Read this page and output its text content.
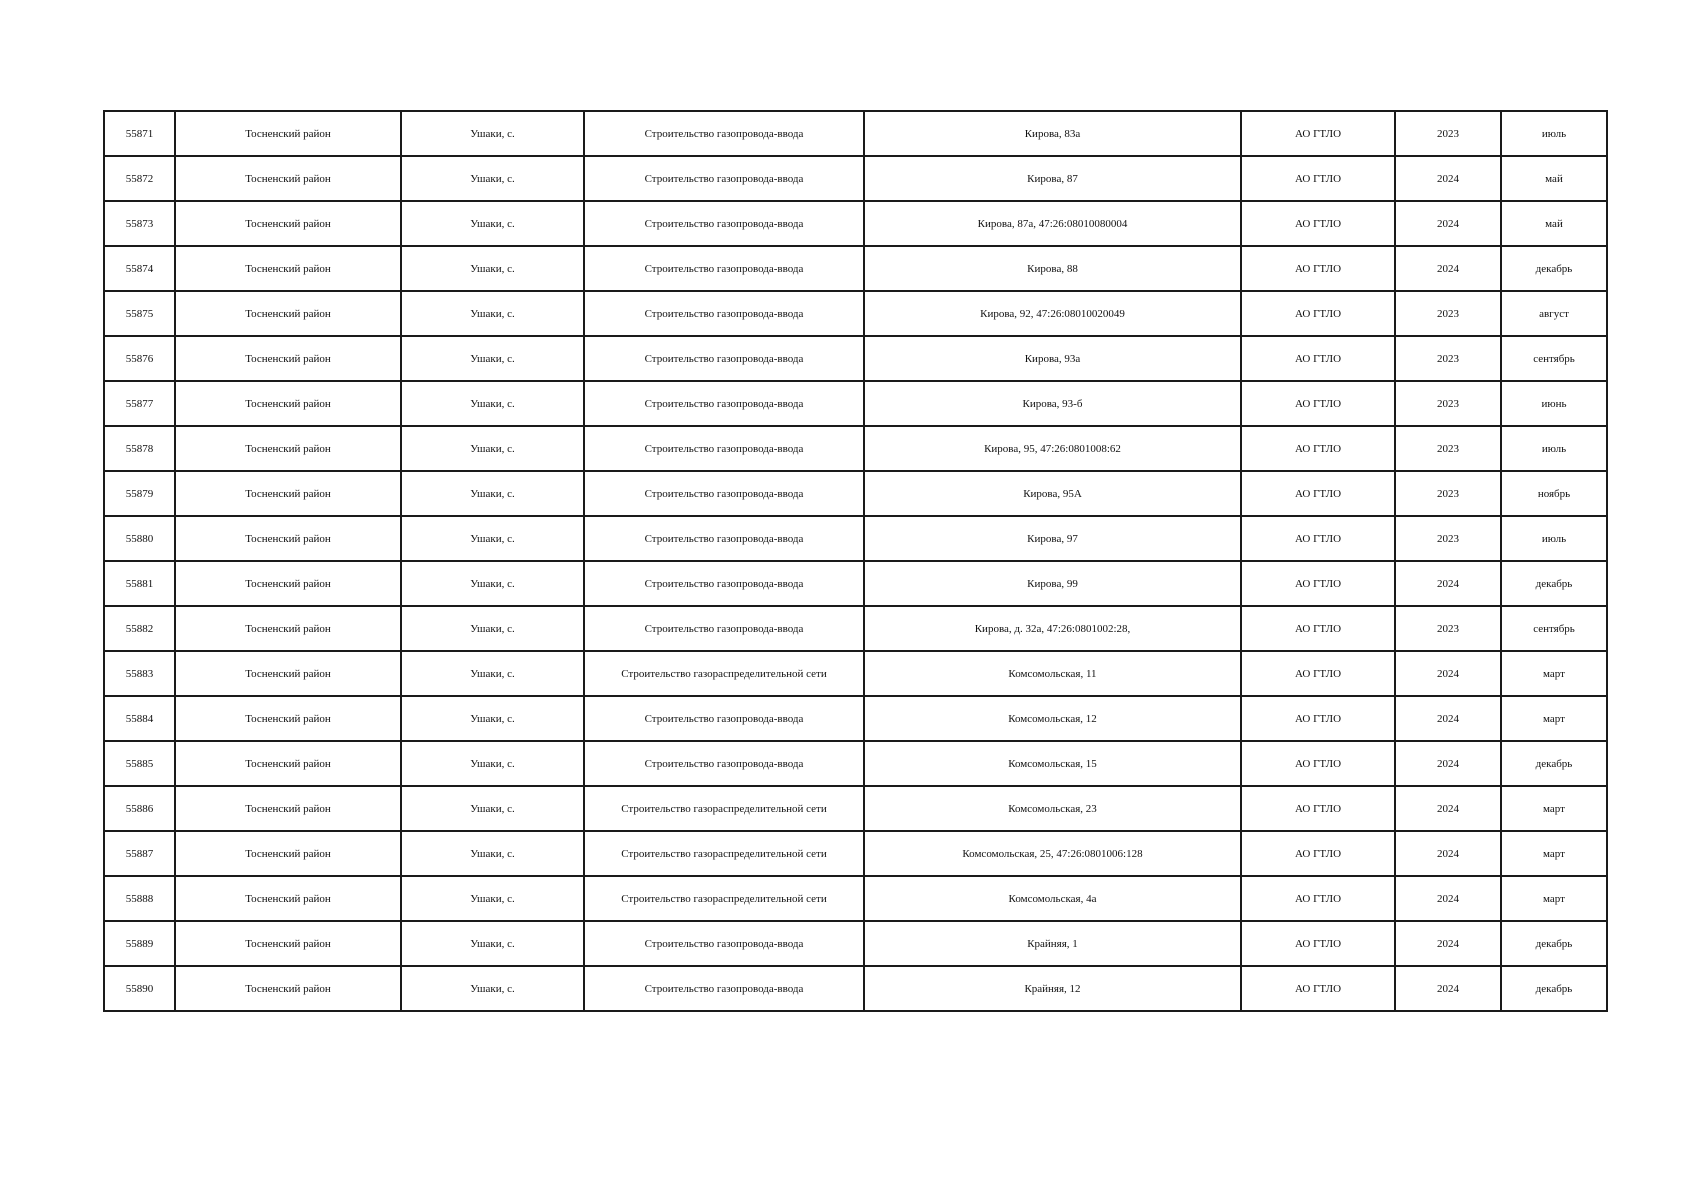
55871	Тосненский район	Ушаки, с.	Строительство газопровода-ввода	Кирова, 83а	АО ГТЛО	2023	июль
55872	Тосненский район	Ушаки, с.	Строительство газопровода-ввода	Кирова, 87	АО ГТЛО	2024	май
55873	Тосненский район	Ушаки, с.	Строительство газопровода-ввода	Кирова, 87а, 47:26:08010080004	АО ГТЛО	2024	май
55874	Тосненский район	Ушаки, с.	Строительство газопровода-ввода	Кирова, 88	АО ГТЛО	2024	декабрь
55875	Тосненский район	Ушаки, с.	Строительство газопровода-ввода	Кирова, 92, 47:26:08010020049	АО ГТЛО	2023	август
55876	Тосненский район	Ушаки, с.	Строительство газопровода-ввода	Кирова, 93а	АО ГТЛО	2023	сентябрь
55877	Тосненский район	Ушаки, с.	Строительство газопровода-ввода	Кирова, 93-б	АО ГТЛО	2023	июнь
55878	Тосненский район	Ушаки, с.	Строительство газопровода-ввода	Кирова, 95, 47:26:0801008:62	АО ГТЛО	2023	июль
55879	Тосненский район	Ушаки, с.	Строительство газопровода-ввода	Кирова, 95А	АО ГТЛО	2023	ноябрь
55880	Тосненский район	Ушаки, с.	Строительство газопровода-ввода	Кирова, 97	АО ГТЛО	2023	июль
55881	Тосненский район	Ушаки, с.	Строительство газопровода-ввода	Кирова, 99	АО ГТЛО	2024	декабрь
55882	Тосненский район	Ушаки, с.	Строительство газопровода-ввода	Кирова, д. 32а, 47:26:0801002:28,	АО ГТЛО	2023	сентябрь
55883	Тосненский район	Ушаки, с.	Строительство газораспределительной сети	Комсомольская, 11	АО ГТЛО	2024	март
55884	Тосненский район	Ушаки, с.	Строительство газопровода-ввода	Комсомольская, 12	АО ГТЛО	2024	март
55885	Тосненский район	Ушаки, с.	Строительство газопровода-ввода	Комсомольская, 15	АО ГТЛО	2024	декабрь
55886	Тосненский район	Ушаки, с.	Строительство газораспределительной сети	Комсомольская, 23	АО ГТЛО	2024	март
55887	Тосненский район	Ушаки, с.	Строительство газораспределительной сети	Комсомольская, 25, 47:26:0801006:128	АО ГТЛО	2024	март
55888	Тосненский район	Ушаки, с.	Строительство газораспределительной сети	Комсомольская, 4а	АО ГТЛО	2024	март
55889	Тосненский район	Ушаки, с.	Строительство газопровода-ввода	Крайняя, 1	АО ГТЛО	2024	декабрь
55890	Тосненский район	Ушаки, с.	Строительство газопровода-ввода	Крайняя, 12	АО ГТЛО	2024	декабрь
